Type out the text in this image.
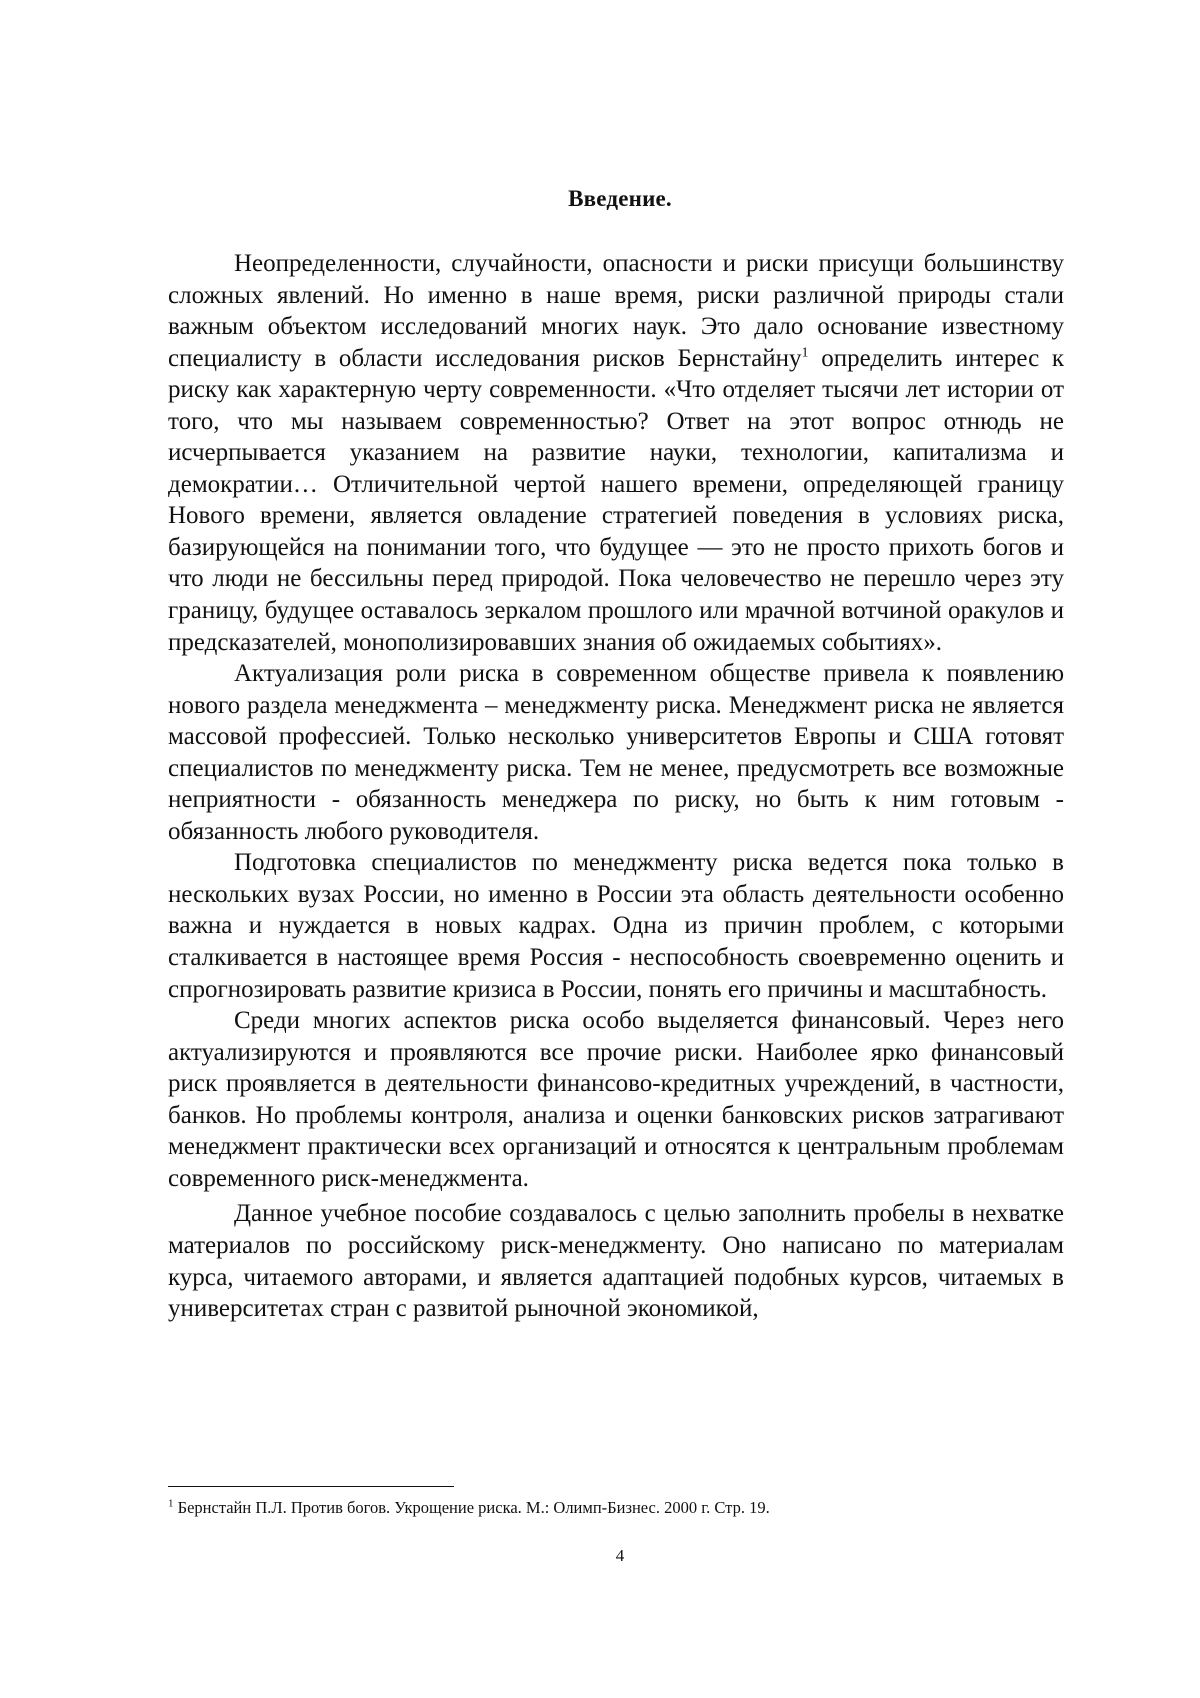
Введение.

Неопределенности, случайности, опасности и риски присущи большинству сложных явлений. Но именно в наше время, риски различной природы стали важным объектом исследований многих наук. Это дало основание известному специалисту в области исследования рисков Бернстайну$^1$ определить интерес к риску как характерную черту современности. «Что отделяет тысячи лет истории от того, что мы называем современностью? Ответ на этот вопрос отнюдь не исчерпывается указанием на развитие науки, технологии, капитализма и демократии… Отличительной чертой нашего времени, определяющей границу Нового времени, является овладение стратегией поведения в условиях риска, базирующейся на понимании того, что будущее — это не просто прихоть богов и что люди не бессильны перед природой. Пока человечество не перешло через эту границу, будущее оставалось зеркалом прошлого или мрачной вотчиной оракулов и предсказателей, монополизировавших знания об ожидаемых событиях».

Актуализация роли риска в современном обществе привела к появлению нового раздела менеджмента – менеджменту риска. Менеджмент риска не является массовой профессией. Только несколько университетов Европы и США готовят специалистов по менеджменту риска. Тем не менее, предусмотреть все возможные неприятности - обязанность менеджера по риску, но быть к ним готовым - обязанность любого руководителя.

Подготовка специалистов по менеджменту риска ведется пока только в нескольких вузах России, но именно в России эта область деятельности особенно важна и нуждается в новых кадрах. Одна из причин проблем, с которыми сталкивается в настоящее время Россия - неспособность своевременно оценить и спрогнозировать развитие кризиса в России, понять его причины и масштабность.

Среди многих аспектов риска особо выделяется финансовый. Через него актуализируются и проявляются все прочие риски. Наиболее ярко финансовый риск проявляется в деятельности финансово-кредитных учреждений, в частности, банков. Но проблемы контроля, анализа и оценки банковских рисков затрагивают менеджмент практически всех организаций и относятся к центральным проблемам современного риск-менеджмента.

Данное учебное пособие создавалось с целью заполнить пробелы в нехватке материалов по российскому риск-менеджменту. Оно написано по материалам курса, читаемого авторами, и является адаптацией подобных курсов, читаемых в университетах стран с развитой рыночной экономикой,

$^1$ Бернстайн П.Л. Против богов. Укрощение риска. М.: Олимп-Бизнес. 2000 г. Стр. 19.
4
